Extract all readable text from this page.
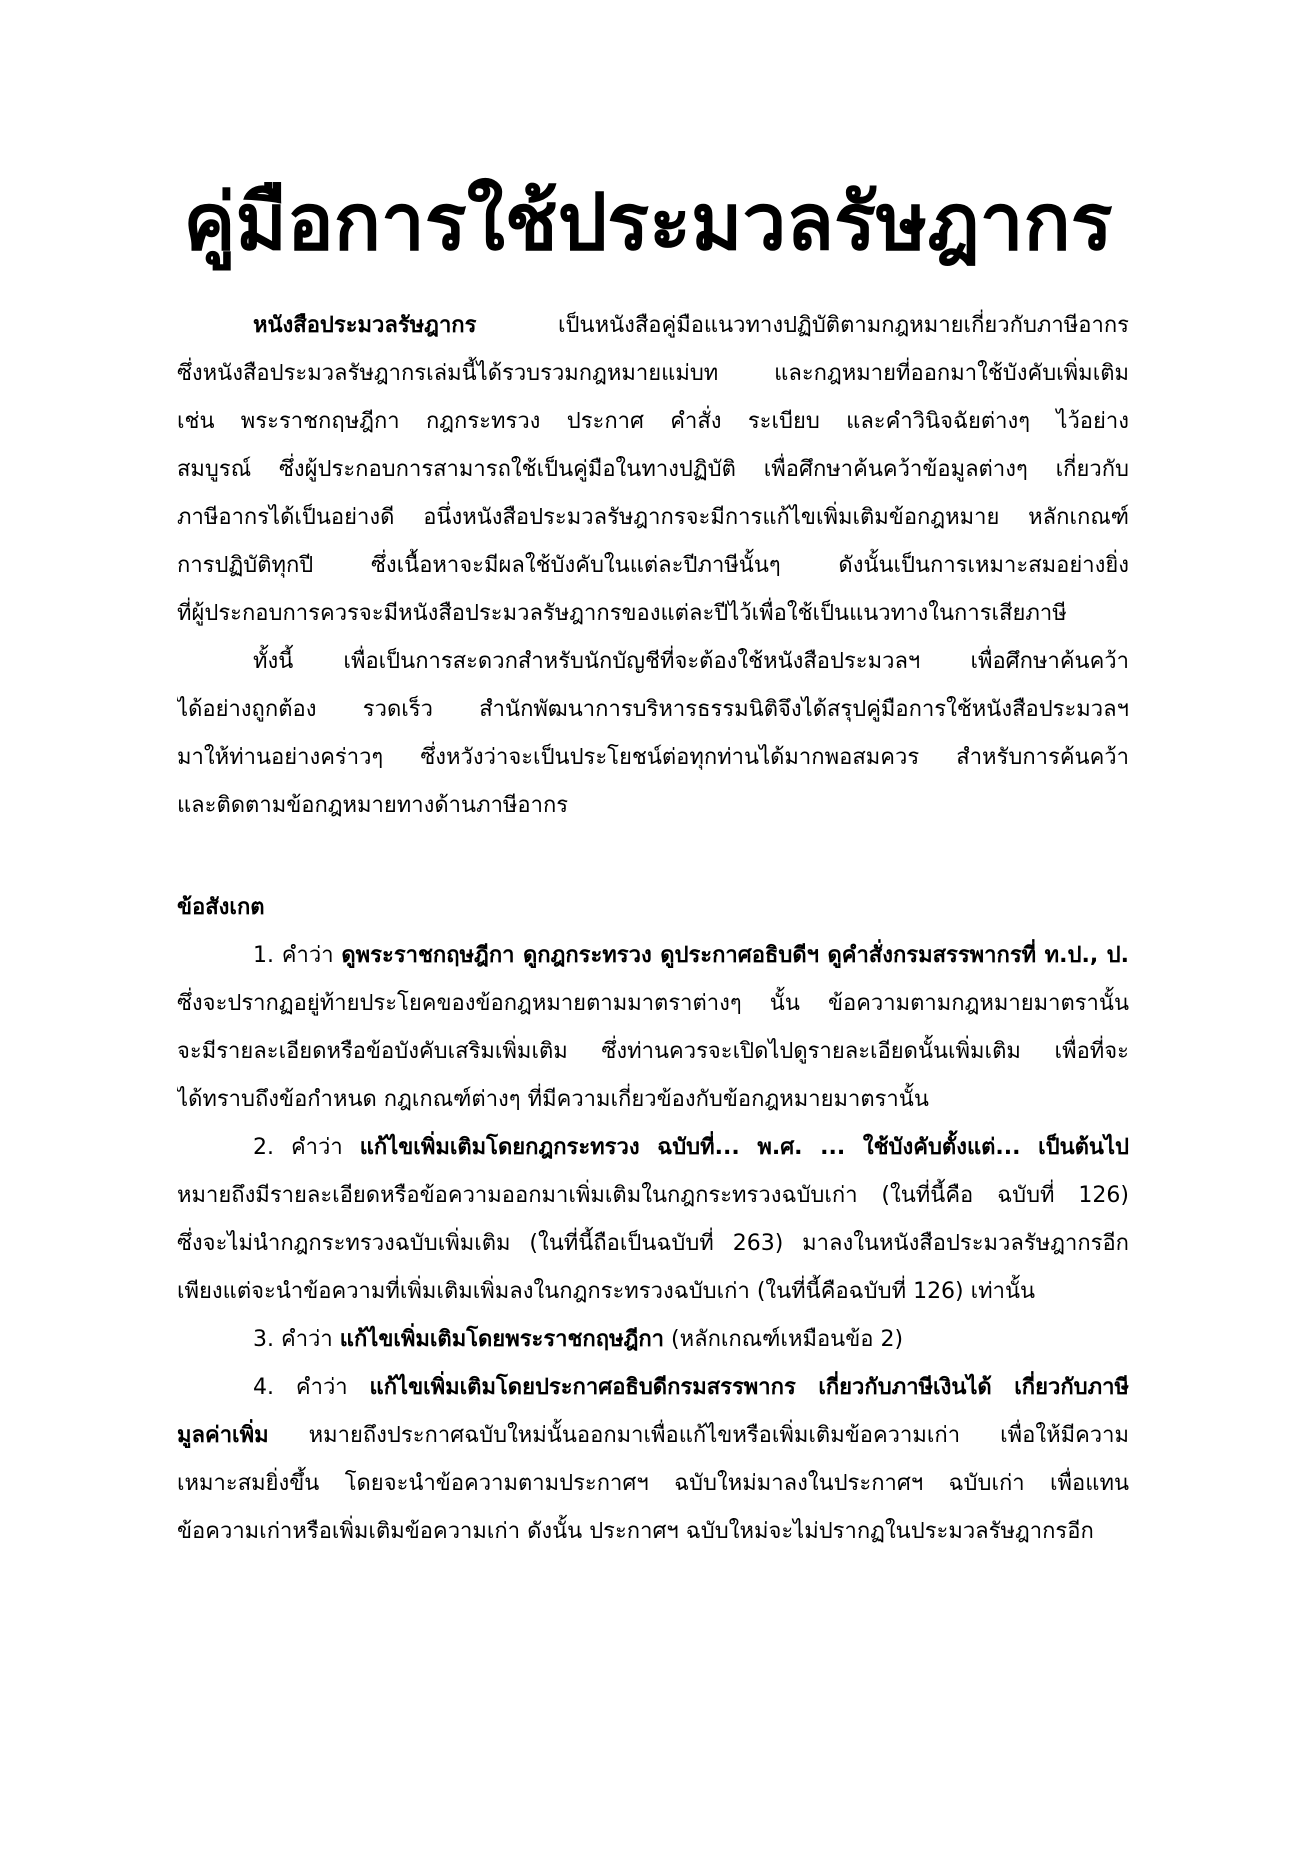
คู่มือการใช้ประมวลรัษฎากร
หนังสือประมวลรัษฎากร เป็นหนังสือคู่มือแนวทางปฏิบัติตามกฎหมายเกี่ยวกับภาษีอากร
ซึ่งหนังสือประมวลรัษฎากรเล่มนี้ได้รวบรวมกฎหมายแม่บท และกฎหมายที่ออกมาใช้บังคับเพิ่มเติม
เช่น พระราชกฤษฎีกา กฎกระทรวง ประกาศ คำสั่ง ระเบียบ และคำวินิจฉัยต่างๆ ไว้อย่าง
สมบูรณ์ ซึ่งผู้ประกอบการสามารถใช้เป็นคู่มือในทางปฏิบัติ เพื่อศึกษาค้นคว้าข้อมูลต่างๆ เกี่ยวกับ
ภาษีอากรได้เป็นอย่างดี อนึ่งหนังสือประมวลรัษฎากรจะมีการแก้ไขเพิ่มเติมข้อกฎหมาย หลักเกณฑ์
การปฏิบัติทุกปี ซึ่งเนื้อหาจะมีผลใช้บังคับในแต่ละปีภาษีนั้นๆ ดังนั้นเป็นการเหมาะสมอย่างยิ่ง
ที่ผู้ประกอบการควรจะมีหนังสือประมวลรัษฎากรของแต่ละปีไว้เพื่อใช้เป็นแนวทางในการเสียภาษี
ทั้งนี้ เพื่อเป็นการสะดวกสำหรับนักบัญชีที่จะต้องใช้หนังสือประมวลฯ เพื่อศึกษาค้นคว้า
ได้อย่างถูกต้อง รวดเร็ว สำนักพัฒนาการบริหารธรรมนิติจึงได้สรุปคู่มือการใช้หนังสือประมวลฯ
มาให้ท่านอย่างคร่าวๆ ซึ่งหวังว่าจะเป็นประโยชน์ต่อทุกท่านได้มากพอสมควร สำหรับการค้นคว้า
และติดตามข้อกฎหมายทางด้านภาษีอากร
ข้อสังเกต
1. คำว่า ดูพระราชกฤษฎีกา ดูกฎกระทรวง ดูประกาศอธิบดีฯ ดูคำสั่งกรมสรรพากรที่ ท.ป., ป.
ซึ่งจะปรากฏอยู่ท้ายประโยคของข้อกฎหมายตามมาตราต่างๆ นั้น ข้อความตามกฎหมายมาตรานั้น
จะมีรายละเอียดหรือข้อบังคับเสริมเพิ่มเติม ซึ่งท่านควรจะเปิดไปดูรายละเอียดนั้นเพิ่มเติม เพื่อที่จะ
ได้ทราบถึงข้อกำหนด กฎเกณฑ์ต่างๆ ที่มีความเกี่ยวข้องกับข้อกฎหมายมาตรานั้น
2. คำว่า แก้ไขเพิ่มเติมโดยกฎกระทรวง ฉบับที่... พ.ศ. ... ใช้บังคับตั้งแต่... เป็นต้นไป
หมายถึงมีรายละเอียดหรือข้อความออกมาเพิ่มเติมในกฎกระทรวงฉบับเก่า (ในที่นี้คือ ฉบับที่ 126)
ซึ่งจะไม่นำกฎกระทรวงฉบับเพิ่มเติม (ในที่นี้ถือเป็นฉบับที่ 263) มาลงในหนังสือประมวลรัษฎากรอีก
เพียงแต่จะนำข้อความที่เพิ่มเติมเพิ่มลงในกฎกระทรวงฉบับเก่า (ในที่นี้คือฉบับที่ 126) เท่านั้น
3. คำว่า แก้ไขเพิ่มเติมโดยพระราชกฤษฎีกา (หลักเกณฑ์เหมือนข้อ 2)
4. คำว่า แก้ไขเพิ่มเติมโดยประกาศอธิบดีกรมสรรพากร เกี่ยวกับภาษีเงินได้ เกี่ยวกับภาษี
มูลค่าเพิ่ม หมายถึงประกาศฉบับใหม่นั้นออกมาเพื่อแก้ไขหรือเพิ่มเติมข้อความเก่า เพื่อให้มีความ
เหมาะสมยิ่งขึ้น โดยจะนำข้อความตามประกาศฯ ฉบับใหม่มาลงในประกาศฯ ฉบับเก่า เพื่อแทน
ข้อความเก่าหรือเพิ่มเติมข้อความเก่า ดังนั้น ประกาศฯ ฉบับใหม่จะไม่ปรากฏในประมวลรัษฎากรอีก
